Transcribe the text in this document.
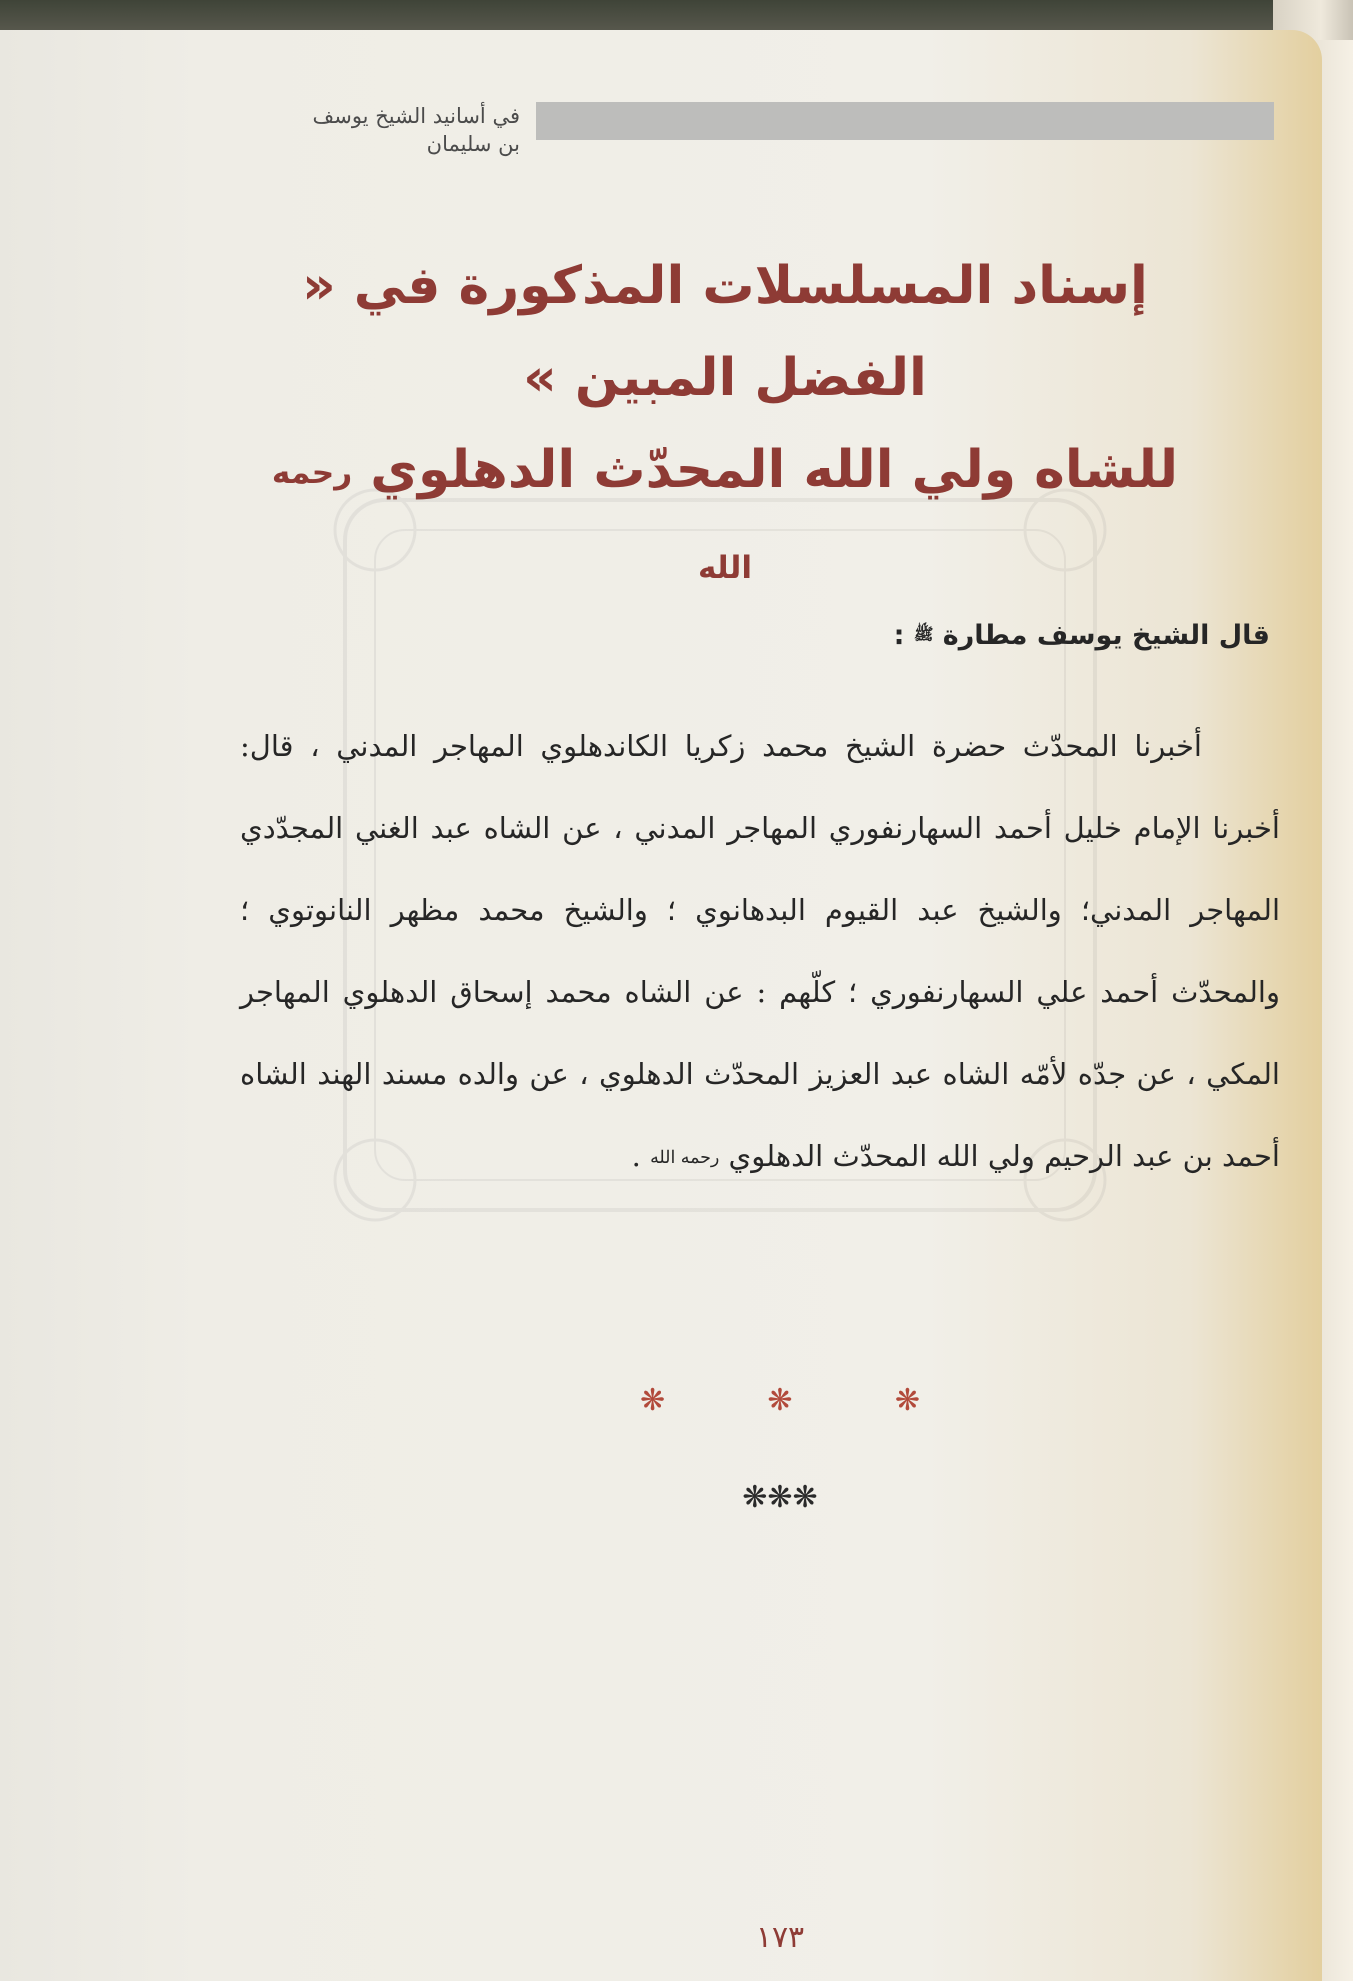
في أسانيد الشيخ يوسف
بن سليمان
إسناد المسلسلات المذكورة في « الفضل المبين »
للشاه ولي الله المحدّث الدهلوي رحمه الله
قال الشيخ يوسف مطارة ﷺ :
أخبرنا المحدّث حضرة الشيخ محمد زكريا الكاندهلوي المهاجر المدني ، قال: أخبرنا الإمام خليل أحمد السهارنفوري المهاجر المدني ، عن الشاه عبد الغني المجدّدي المهاجر المدني؛ والشيخ عبد القيوم البدهانوي ؛ والشيخ محمد مظهر النانوتوي ؛ والمحدّث أحمد علي السهارنفوري ؛ كلّهم : عن الشاه محمد إسحاق الدهلوي المهاجر المكي ، عن جدّه لأمّه الشاه عبد العزيز المحدّث الدهلوي ، عن والده مسند الهند الشاه أحمد بن عبد الرحيم ولي الله المحدّث الدهلوي رحمه الله .
❋	❋	❋
❋❋❋
١٧٣
